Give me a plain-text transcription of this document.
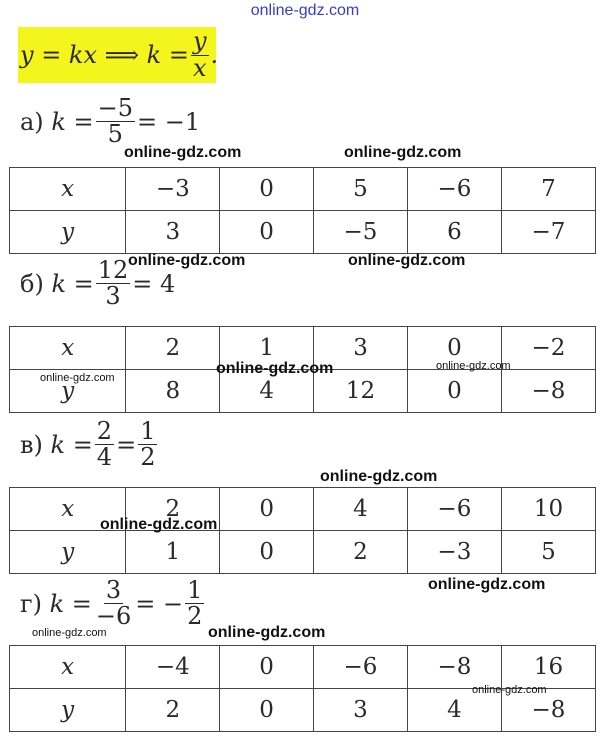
online-gdz.com
y = kx ⟹ $k = \frac{y}{x}$ .
а)
$k = \frac{-5}{5} = -1$
x	−3	0	5	−6	7
y	3	0	−5	6	−7
б)
$k = \frac{12}{3} = 4$
x	2	1	3	0	−2
y	8	4	12	0	−8
в)
$k = \frac{2}{4} = \frac{1}{2}$
x	2	0	4	−6	10
y	1	0	2	−3	5
г)
$k = \frac{3}{-6}$ = − $\frac{1}{2}$
x	−4	0	−6	−8	16
y	2	0	3	4	−8
online-gdz.com	online-gdz.com
online-gdz.com	online-gdz.com
online-gdz.com	online-gdz.com
online-gdz.com
online-gdz.com
online-gdz.com
online-gdz.com
online-gdz.com	online-gdz.com
online-gdz.com
